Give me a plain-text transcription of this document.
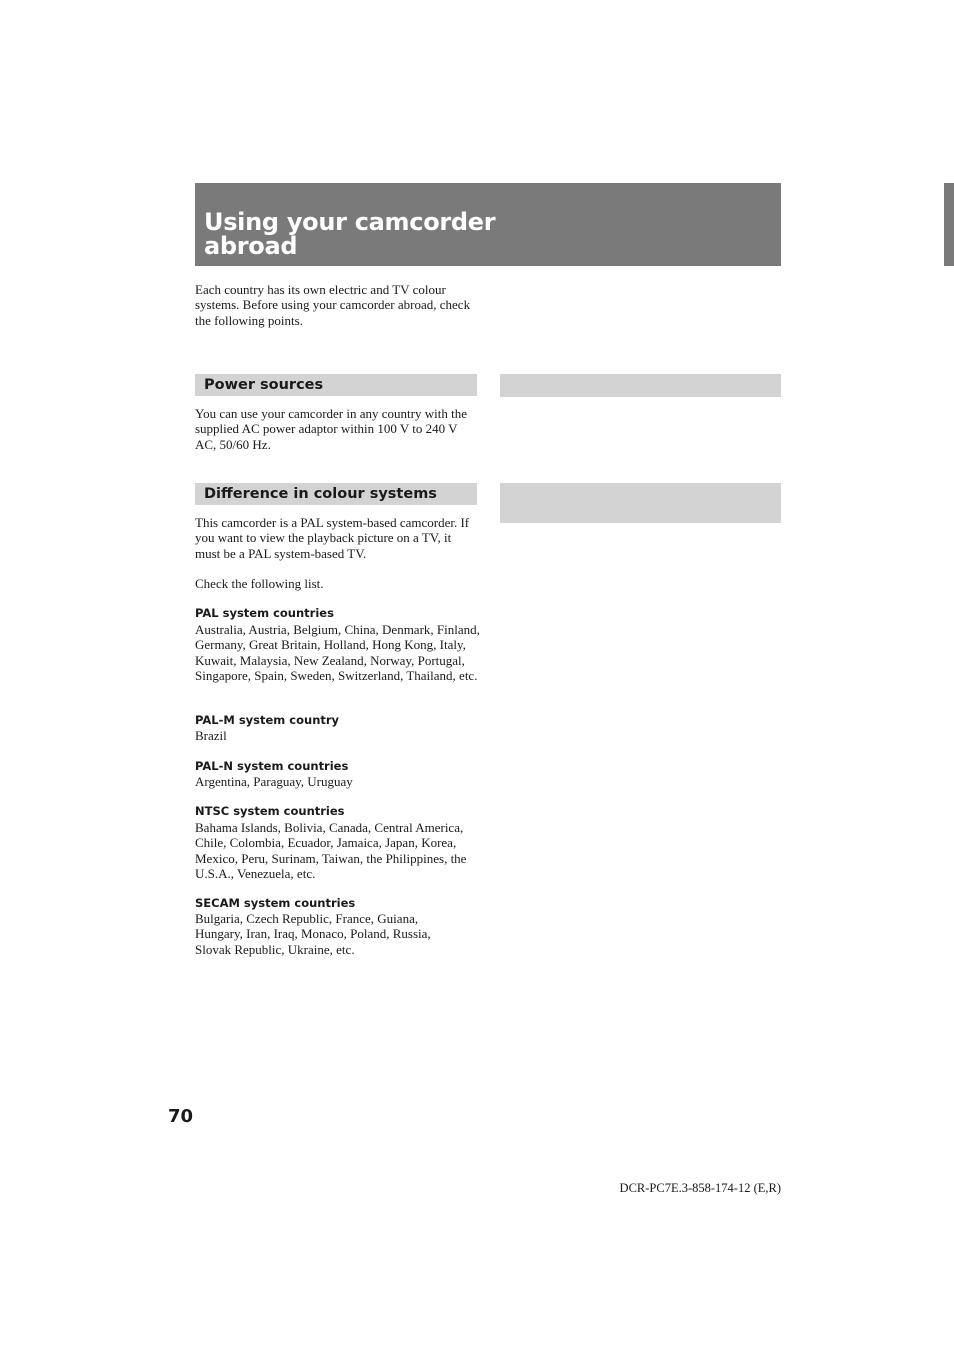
Using your camcorder
abroad

Each country has its own electric and TV colour systems. Before using your camcorder abroad, check the following points.

Power sources

You can use your camcorder in any country with the supplied AC power adaptor within 100 V to 240 V AC, 50/60 Hz.

Difference in colour systems

This camcorder is a PAL system-based camcorder. If you want to view the playback picture on a TV, it must be a PAL system-based TV.

Check the following list.

PAL system countries

Australia, Austria, Belgium, China, Denmark, Finland, Germany, Great Britain, Holland, Hong Kong, Italy, Kuwait, Malaysia, New Zealand, Norway, Portugal, Singapore, Spain, Sweden, Switzerland, Thailand, etc.

PAL-M system country

Brazil

PAL-N system countries

Argentina, Paraguay, Uruguay

NTSC system countries

Bahama Islands, Bolivia, Canada, Central America, Chile, Colombia, Ecuador, Jamaica, Japan, Korea, Mexico, Peru, Surinam, Taiwan, the Philippines, the U.S.A., Venezuela, etc.

SECAM system countries

Bulgaria, Czech Republic, France, Guiana, Hungary, Iran, Iraq, Monaco, Poland, Russia, Slovak Republic, Ukraine, etc.

70
DCR-PC7E.3-858-174-12 (E,R)
